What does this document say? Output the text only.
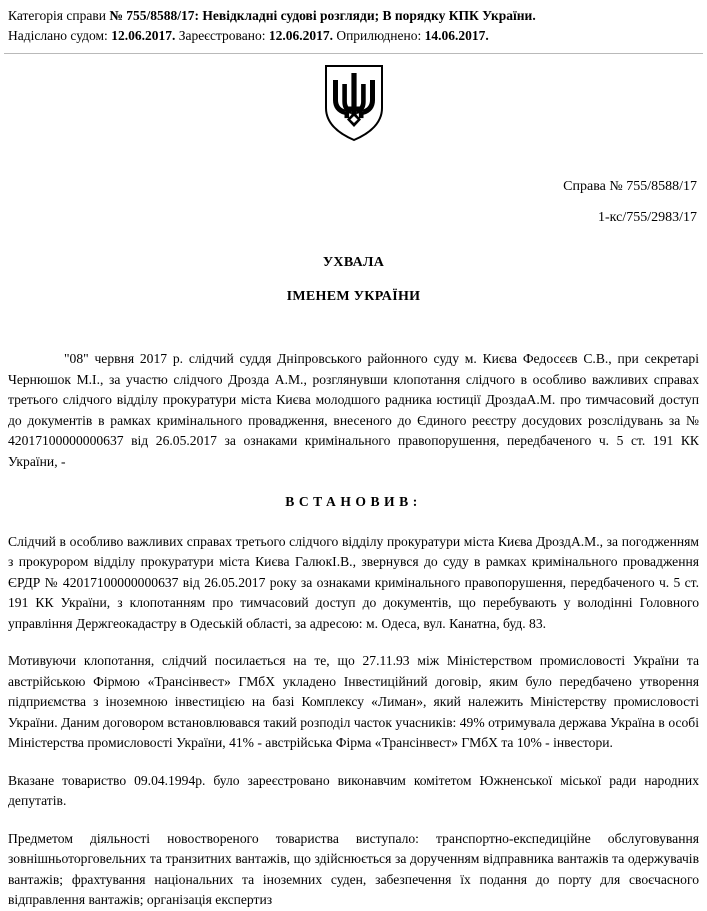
Категорія справи № 755/8588/17: Невідкладні судові розгляди; В порядку КПК України.
Надіслано судом: 12.06.2017. Зареєстровано: 12.06.2017. Оприлюднено: 14.06.2017.
Справа № 755/8588/17
1-кс/755/2983/17
УХВАЛА
ІМЕНЕМ УКРАЇНИ

"08" червня 2017 р. слідчий суддя Дніпровського районного суду м. Києва Федосєєв С.В., при секретарі Чернюшок М.І., за участю слідчого Дрозда А.М., розглянувши клопотання слідчого в особливо важливих справах третього слідчого відділу прокуратури міста Києва молодшого радника юстиції ДроздаА.М. про тимчасовий доступ до документів в рамках кримінального провадження, внесеного до Єдиного реєстру досудових розслідувань за № 42017100000000637 від 26.05.2017 за ознаками кримінального правопорушення, передбаченого ч. 5 ст. 191 КК України, -

ВСТАНОВИВ:

Слідчий в особливо важливих справах третього слідчого відділу прокуратури міста Києва ДроздА.М., за погодженням з прокурором відділу прокуратури міста Києва ГалюкІ.В., звернувся до суду в рамках кримінального провадження ЄРДР № 42017100000000637 від 26.05.2017 року за ознаками кримінального правопорушення, передбаченого ч. 5 ст. 191 КК України, з клопотанням про тимчасовий доступ до документів, що перебувають у володінні Головного управління Держгеокадастру в Одеській області, за адресою: м. Одеса, вул. Канатна, буд. 83.

Мотивуючи клопотання, слідчий посилається на те, що 27.11.93 між Міністерством промисловості України та австрійською Фірмою «Трансінвест» ГМбХ укладено Інвестиційний договір, яким було передбачено утворення підприємства з іноземною інвестицією на базі Комплексу «Лиман», який належить Міністерству промисловості України. Даним договором встановлювався такий розподіл часток учасників: 49% отримувала держава Україна в особі Міністерства промисловості України, 41% - австрійська Фірма «Трансінвест» ГМбХ та 10% - інвестори.

Вказане товариство 09.04.1994р. було зареєстровано виконавчим комітетом Южненської міської ради народних депутатів.

Предметом діяльності новоствореного товариства виступало: транспортно-експедиційне обслуговування зовнішньоторговельних та транзитних вантажів, що здійснюється за дорученням відправника вантажів та одержувачів вантажів; фрахтування національних та іноземних суден, забезпечення їх подання до порту для своєчасного відправлення вантажів; організація експертиз
